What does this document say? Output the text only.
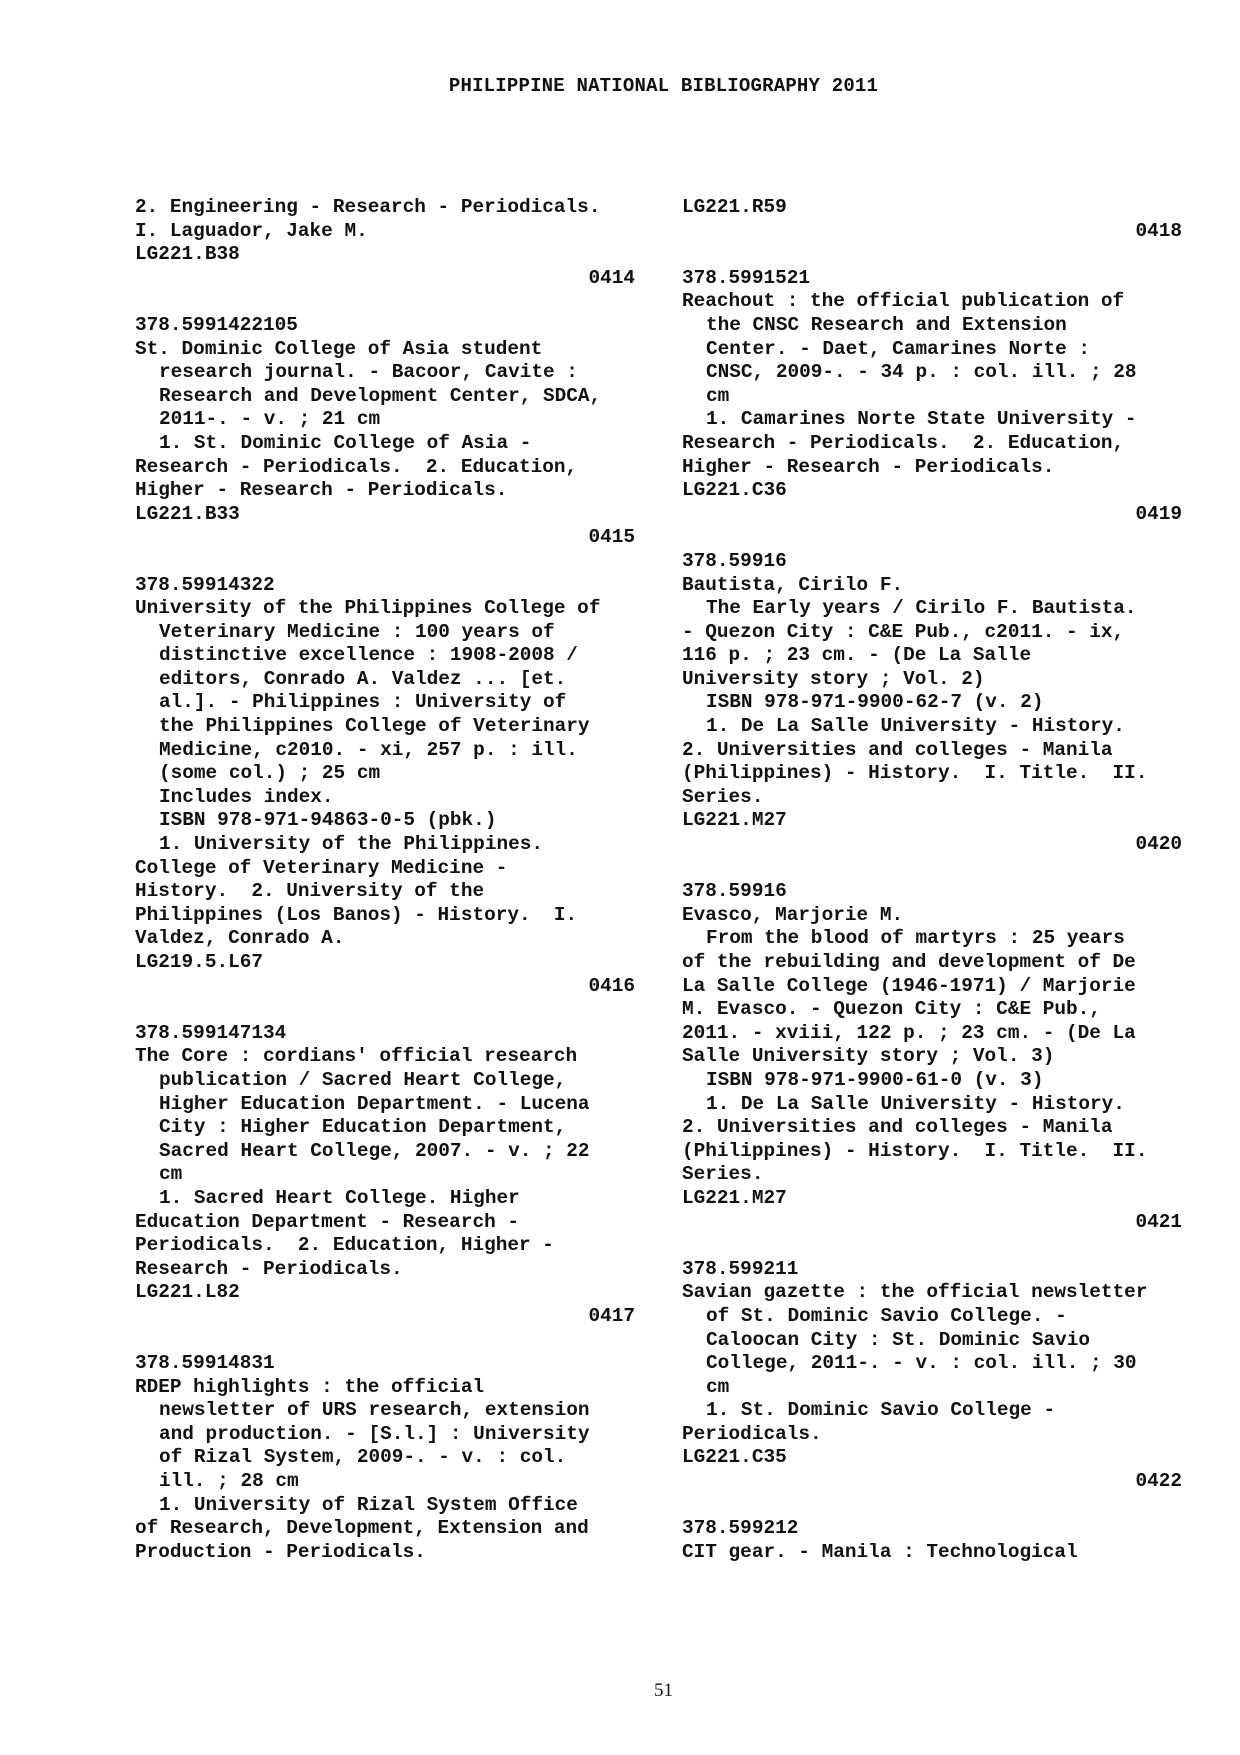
PHILIPPINE NATIONAL BIBLIOGRAPHY 2011
2. Engineering - Research - Periodicals.
I. Laguador, Jake M.
LG221.B38
0414
378.5991422105
St. Dominic College of Asia student
research journal. - Bacoor, Cavite :
Research and Development Center, SDCA,
2011-. - v. ; 21 cm
1. St. Dominic College of Asia -
Research - Periodicals.  2. Education,
Higher - Research - Periodicals.
LG221.B33
0415
378.59914322
University of the Philippines College of
Veterinary Medicine : 100 years of
distinctive excellence : 1908-2008 /
editors, Conrado A. Valdez ... [et.
al.]. - Philippines : University of
the Philippines College of Veterinary
Medicine, c2010. - xi, 257 p. : ill.
(some col.) ; 25 cm
Includes index.
ISBN 978-971-94863-0-5 (pbk.)
1. University of the Philippines.
College of Veterinary Medicine -
History.  2. University of the
Philippines (Los Banos) - History.  I.
Valdez, Conrado A.
LG219.5.L67
0416
378.599147134
The Core : cordians' official research
publication / Sacred Heart College,
Higher Education Department. - Lucena
City : Higher Education Department,
Sacred Heart College, 2007. - v. ; 22
cm
1. Sacred Heart College. Higher
Education Department - Research -
Periodicals.  2. Education, Higher -
Research - Periodicals.
LG221.L82
0417
378.59914831
RDEP highlights : the official
newsletter of URS research, extension
and production. - [S.l.] : University
of Rizal System, 2009-. - v. : col.
ill. ; 28 cm
1. University of Rizal System Office
of Research, Development, Extension and
Production - Periodicals.
LG221.R59
0418
378.5991521
Reachout : the official publication of
the CNSC Research and Extension
Center. - Daet, Camarines Norte :
CNSC, 2009-. - 34 p. : col. ill. ; 28
cm
1. Camarines Norte State University -
Research - Periodicals.  2. Education,
Higher - Research - Periodicals.
LG221.C36
0419
378.59916
Bautista, Cirilo F.
The Early years / Cirilo F. Bautista.
- Quezon City : C&E Pub., c2011. - ix,
116 p. ; 23 cm. - (De La Salle
University story ; Vol. 2)
ISBN 978-971-9900-62-7 (v. 2)
1. De La Salle University - History.
2. Universities and colleges - Manila
(Philippines) - History.  I. Title.  II.
Series.
LG221.M27
0420
378.59916
Evasco, Marjorie M.
From the blood of martyrs : 25 years
of the rebuilding and development of De
La Salle College (1946-1971) / Marjorie
M. Evasco. - Quezon City : C&E Pub.,
2011. - xviii, 122 p. ; 23 cm. - (De La
Salle University story ; Vol. 3)
ISBN 978-971-9900-61-0 (v. 3)
1. De La Salle University - History.
2. Universities and colleges - Manila
(Philippines) - History.  I. Title.  II.
Series.
LG221.M27
0421
378.599211
Savian gazette : the official newsletter
of St. Dominic Savio College. -
Caloocan City : St. Dominic Savio
College, 2011-. - v. : col. ill. ; 30
cm
1. St. Dominic Savio College -
Periodicals.
LG221.C35
0422
378.599212
CIT gear. - Manila : Technological
51
